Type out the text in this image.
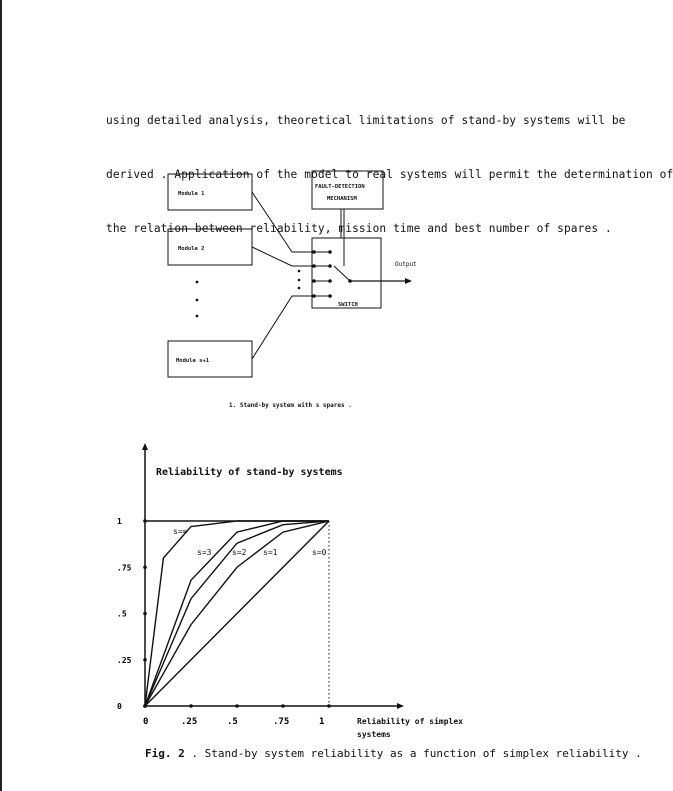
using detailed analysis, theoretical limitations of stand-by systems will be

derived . Application of the model to real systems will permit the determination of

the relation between reliability, mission time and best number of spares .

Module 1
Module 2
Module s+1
FAULT-DETECTION
MECHANISM
SWITCH
Output
1. Stand-by system with s spares .
s=0
s=1
s=2
s=3
s=∞
0	.25	.5	.75	1
0
.25
.5
.75
1
Reliability of stand-by systems
Reliability of simplex systems
Fig. 2 . Stand-by system reliability as a function of simplex reliability .
